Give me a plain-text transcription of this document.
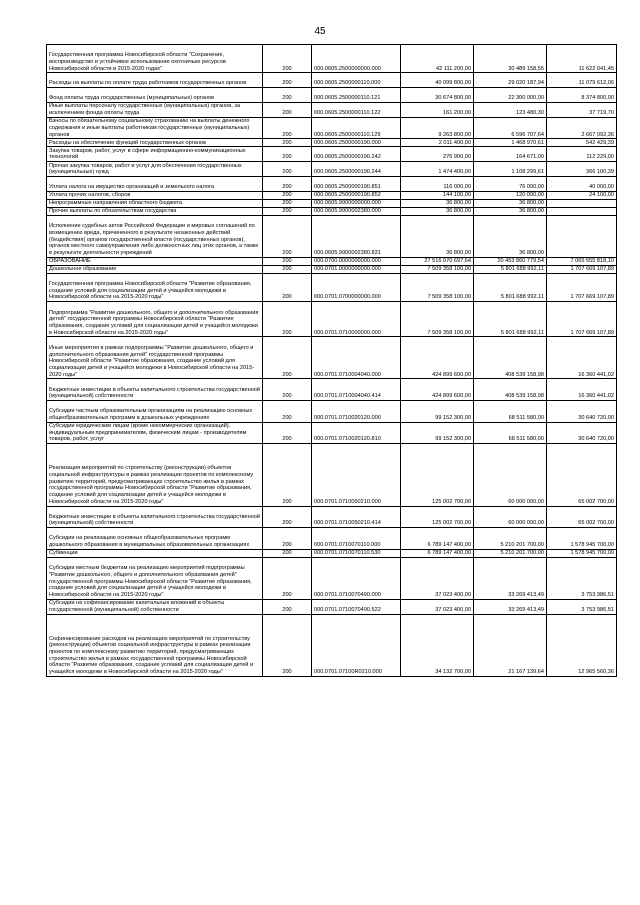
45
Государственная программа Новосибирской области "Сохранение, воспроизводство и устойчивое использование охотничьих ресурсов Новосибирской области в 2015-2020 годах"	200	000.0605.2500000000.000	42 111 200,00	30 489 158,55	11 622 041,45
Расходы на выплаты по оплате труда работников государственных органов	200	000.0605.2500000110.000	40 099 800,00	29 020 187,94	11 079 612,06
Фонд оплаты труда государственных (муниципальных) органов	200	000.0605.2500000110.121	30 674 800,00	22 300 000,00	8 374 800,00
Иные выплаты персоналу государственных (муниципальных) органов, за исключением фонда оплаты труда	200	000.0605.2500000110.122	161 200,00	123 480,30	37 719,70
Взносы по обязательному социальному страхованию на выплаты денежного содержания и иные выплаты работникам государственных (муниципальных) органов	200	000.0605.2500000110.129	9 263 800,00	6 596 707,64	2 667 092,36
Расходы на обеспечение функций государственных органов	200	000.0605.2500000190.000	2 011 400,00	1 468 970,61	542 429,39
Закупка товаров, работ, услуг в сфере информационно-коммуникационных технологий	200	000.0605.2500000190.242	276 900,00	164 671,00	112 229,00
Прочая закупка товаров, работ и услуг для обеспечения государственных (муниципальных) нужд	200	000.0605.2500000190.244	1 474 400,00	1 108 299,61	366 100,39
Уплата налога на имущество организаций и земельного налога	200	000.0605.2500000190.851	116 000,00	76 000,00	40 000,00
Уплата прочих налогов, сборов	200	000.0605.2500000190.852	144 100,00	120 000,00	24 100,00
Непрограммные направления областного бюджета	200	000.0605.9900000000.000	36 800,00	36 800,00	
Прочие выплаты по обязательствам государства	200	000.0605.9900002380.000	36 800,00	36 800,00	
Исполнение судебных актов Российской Федерации и мировых соглашений по возмещению вреда, причиненного в результате незаконных действий (бездействия) органов государственной власти (государственных органов), органов местного самоуправления либо должностных лиц этих органов, а также в результате деятельности учреждений	200	000.0605.9900002380.831	36 800,00	36 800,00	
ОБРАЗОВАНИЕ	200	000.0700.0000000000.000	27 516 070 697,64	20 453 860 779,54	7 065 555 818,10
Дошкольное образование	200	000.0701.0000000000.000	7 509 358 100,00	5 801 688 992,11	1 707 669 107,89
Государственная программа Новосибирской области "Развитие образования, создание условий для социализации детей и учащейся молодежи в Новосибирской области на 2015-2020 годы"	200	000.0701.0700000000.000	7 509 358 100,00	5 801 688 992,11	1 707 669 107,89
Подпрограмма "Развитие дошкольного, общего и дополнительного образования детей" государственной программы Новосибирской области "Развитие образования, создание условий для социализации детей и учащейся молодежи в Новосибирской области на 2015-2020 годы"	200	000.0701.0710000000.000	7 509 358 100,00	5 801 688 992,11	1 707 669 107,89
Иные мероприятия в рамках подпрограммы "Развитие дошкольного, общего и дополнительного образования детей" государственной программы Новосибирской области "Развитие образования, создание условий для социализации детей и учащейся молодежи в Новосибирской области на 2015-2020 годы"	200	000.0701.0710004040.000	424 899 600,00	408 539 158,98	16 360 441,02
Бюджетные инвестиции в объекты капитального строительства государственной (муниципальной) собственности	200	000.0701.0710004040.414	424 899 600,00	408 539 158,98	16 360 441,02
Субсидии частным образовательным организациям на реализацию основных общеобразовательных программ в дошкольных учреждениях	200	000.0701.0710020120.000	99 152 300,00	68 511 580,00	30 640 720,00
Субсидии юридическим лицам (кроме некоммерческих организаций), индивидуальным предпринимателям, физическим лицам - производителям товаров, работ, услуг	200	000.0701.0710020120.810	99 152 300,00	68 511 580,00	30 640 720,00
Реализация мероприятий по строительству (реконструкции) объектов социальной инфраструктуры в рамках реализации проектов по комплексному развитию территорий, предусматривающих строительство жилья в рамках государственной программы Новосибирской области "Развитие образования, создание условий для социализации детей и учащейся молодежи в Новосибирской области на 2015-2020 годы"	200	000.0701.0710050210.000	125 002 700,00	60 000 000,00	65 002 700,00
Бюджетные инвестиции в объекты капитального строительства государственной (муниципальной) собственности	200	000.0701.0710050210.414	125 002 700,00	60 000 000,00	65 002 700,00
Субсидии на реализацию основных общеобразовательных программ дошкольного образования в муниципальных образовательных организациях	200	000.0701.0710070110.000	6 789 147 400,00	5 210 201 700,00	1 578 945 700,00
Субвенции	200	000.0701.0710070110.530	6 789 147 400,00	5 210 201 700,00	1 578 945 700,00
Субсидии местным бюджетам на реализацию мероприятий подпрограммы "Развитие дошкольного, общего и дополнительного образования детей" государственной программы Новосибирской области "Развитие образования, создание условий для социализации детей и учащейся молодежи в Новосибирской области на 2015-2020 годы"	200	000.0701.0710070490.000	37 023 400,00	33 269 413,49	3 753 986,51
Субсидии на софинансирование капитальных вложений в объекты государственной (муниципальной) собственности	200	000.0701.0710070490.522	37 023 400,00	33 269 413,49	3 753 986,51
Софинансирование расходов на реализацию мероприятий по строительству (реконструкции) объектов социальной инфраструктуры в рамках реализации проектов по комплексному развитию территорий, предусматривающих строительство жилья в рамках государственной программы Новосибирской области "Развитие образования, создание условий для социализации детей и учащейся молодежи в Новосибирской области на 2015-2020 годы"	200	000.0701.07100R0210.000	34 132 700,00	21 167 139,64	12 965 560,36
